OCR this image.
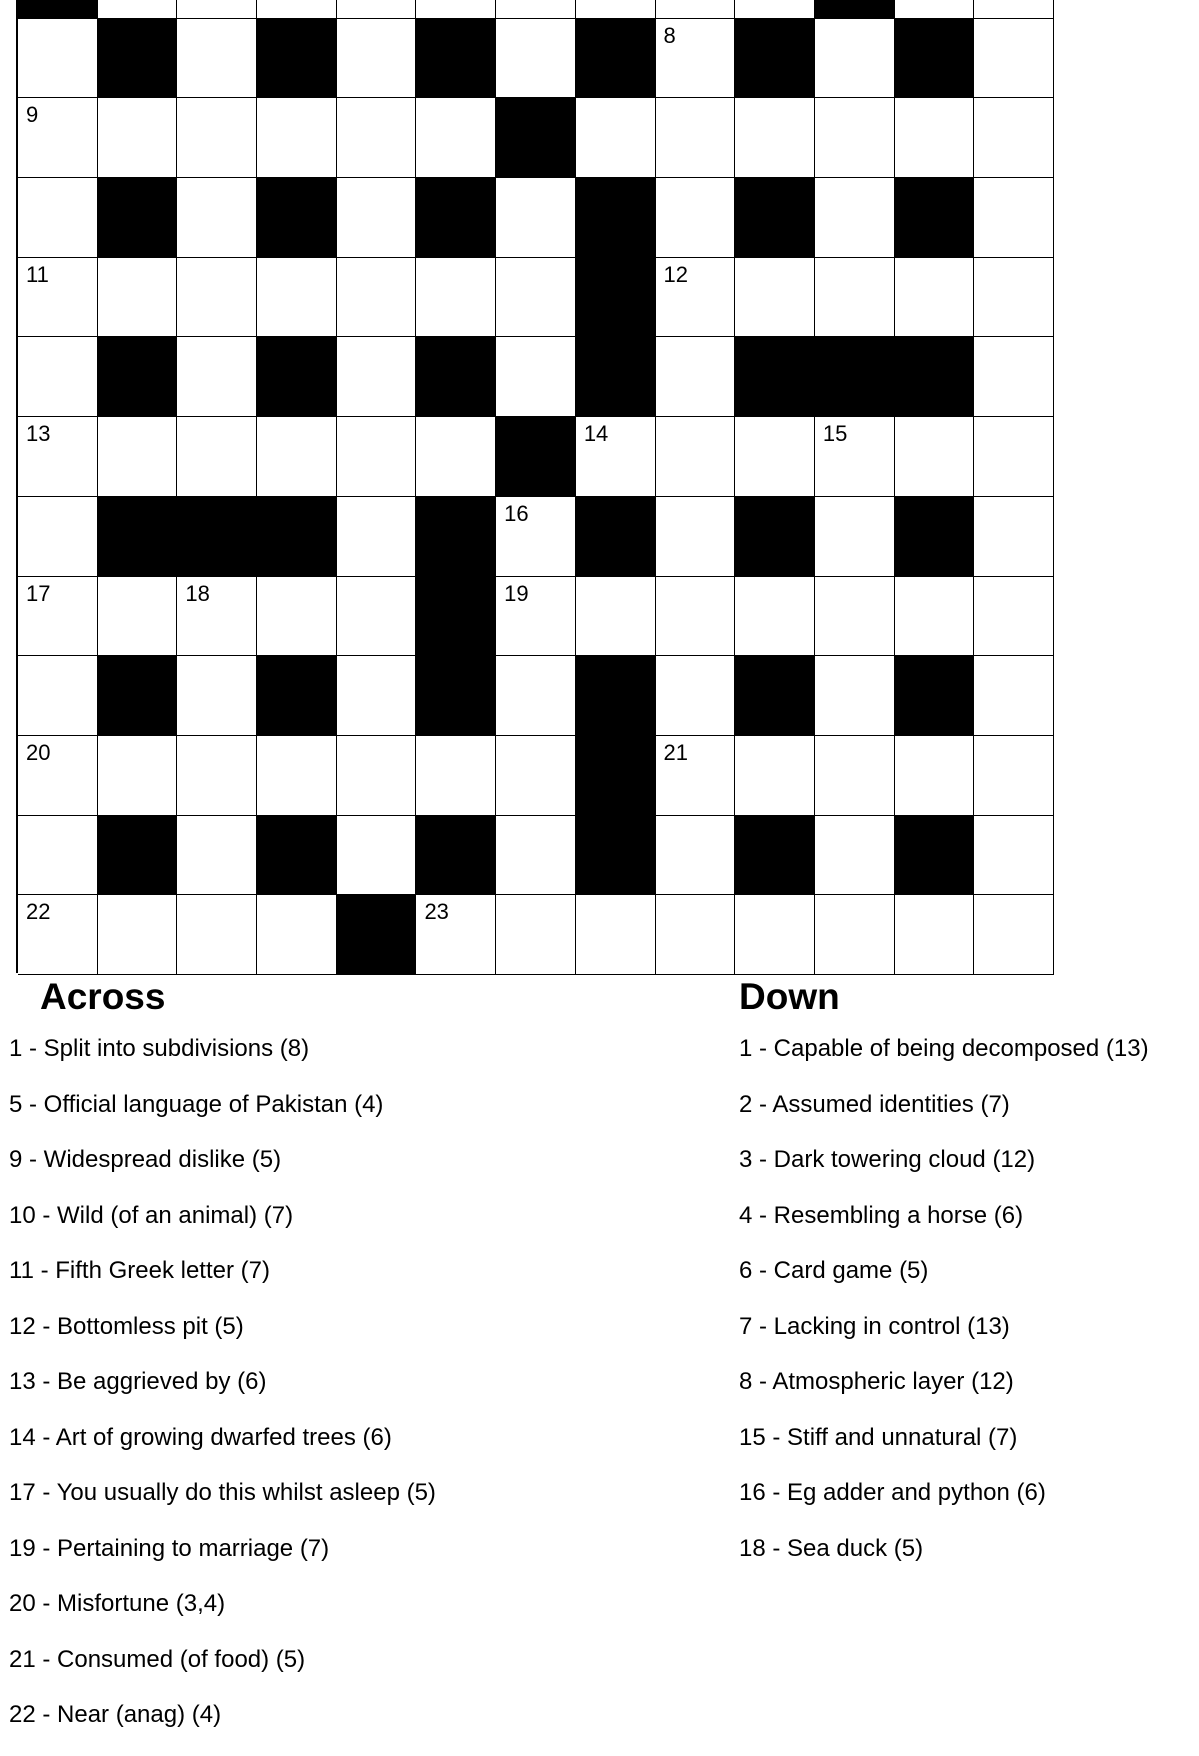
8
9
11	12
13	14	15
16
17	18	19
20	21
22	23
Across
1 - Split into subdivisions (8)
5 - Official language of Pakistan (4)
9 - Widespread dislike (5)
10 - Wild (of an animal) (7)
11 - Fifth Greek letter (7)
12 - Bottomless pit (5)
13 - Be aggrieved by (6)
14 - Art of growing dwarfed trees (6)
17 - You usually do this whilst asleep (5)
19 - Pertaining to marriage (7)
20 - Misfortune (3,4)
21 - Consumed (of food) (5)
22 - Near (anag) (4)
Down
1 - Capable of being decomposed (13)
2 - Assumed identities (7)
3 - Dark towering cloud (12)
4 - Resembling a horse (6)
6 - Card game (5)
7 - Lacking in control (13)
8 - Atmospheric layer (12)
15 - Stiff and unnatural (7)
16 - Eg adder and python (6)
18 - Sea duck (5)
